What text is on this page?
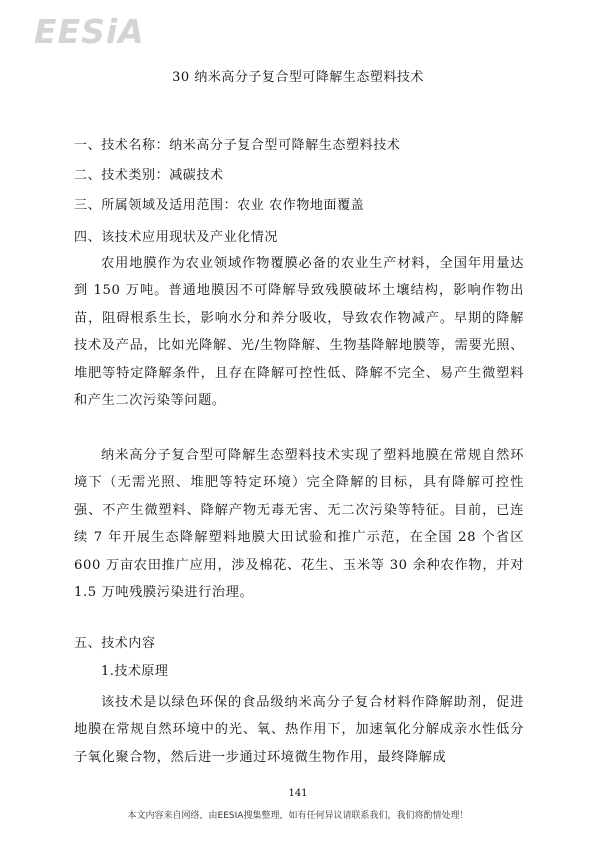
EESiA
30 纳米高分子复合型可降解生态塑料技术
一、技术名称：纳米高分子复合型可降解生态塑料技术
二、技术类别：减碳技术
三、所属领域及适用范围：农业 农作物地面覆盖
四、该技术应用现状及产业化情况
农用地膜作为农业领域作物覆膜必备的农业生产材料，全国年用量达到 150 万吨。普通地膜因不可降解导致残膜破坏土壤结构，影响作物出苗，阻碍根系生长，影响水分和养分吸收，导致农作物减产。早期的降解技术及产品，比如光降解、光/生物降解、生物基降解地膜等，需要光照、堆肥等特定降解条件，且存在降解可控性低、降解不完全、易产生微塑料和产生二次污染等问题。
纳米高分子复合型可降解生态塑料技术实现了塑料地膜在常规自然环境下（无需光照、堆肥等特定环境）完全降解的目标，具有降解可控性强、不产生微塑料、降解产物无毒无害、无二次污染等特征。目前，已连续 7 年开展生态降解塑料地膜大田试验和推广示范，在全国 28 个省区 600 万亩农田推广应用，涉及棉花、花生、玉米等 30 余种农作物，并对 1.5 万吨残膜污染进行治理。
五、技术内容
1.技术原理
该技术是以绿色环保的食品级纳米高分子复合材料作降解助剂，促进地膜在常规自然环境中的光、氧、热作用下，加速氧化分解成亲水性低分子氧化聚合物，然后进一步通过环境微生物作用，最终降解成
141
本文内容来自网络，由EESIA搜集整理，如有任何异议请联系我们，我们将酌情处理！
